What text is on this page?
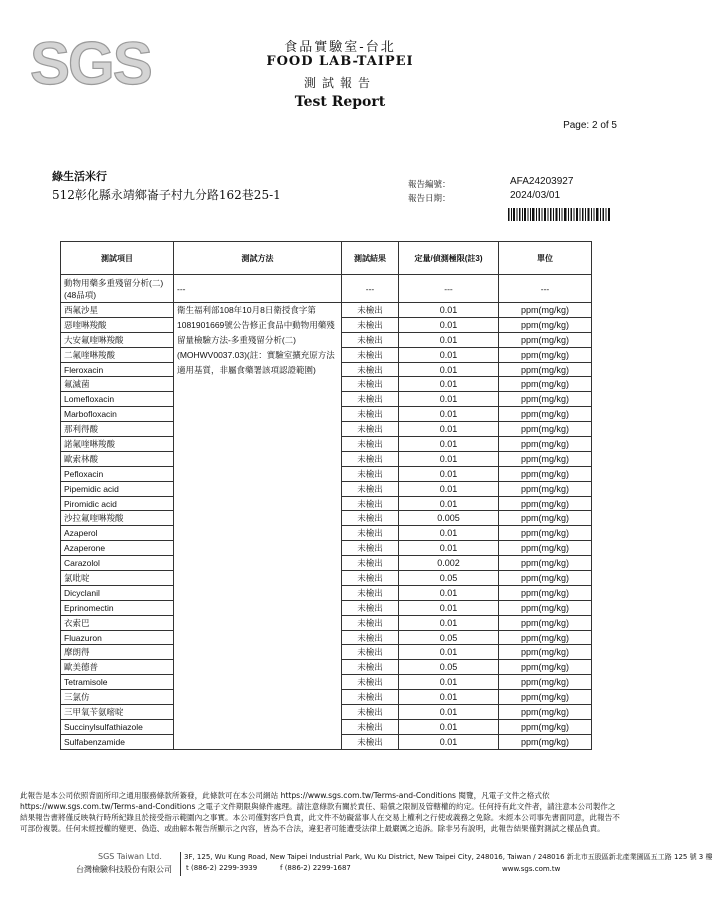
SGS	食品實驗室-台北
FOOD LAB-TAIPEI
測試報告
Test Report
Page: 2 of 5
綠生活米行
512彰化縣永靖鄉崙子村九分路162巷25-1
報告編號：
報告日期：
AFA24203927
2024/03/01
測試項目	測試方法	測試結果	定量/偵測極限(註3)	單位
動物用藥多重殘留分析(二)(48品項)	---	---	---	---
西氟沙星	衛生福利部108年10月8日衛授食字第1081901669號公告修正食品中動物用藥殘留量檢驗方法-多重殘留分析(二)(MOHWV0037.03)(註：實驗室擴充原方法適用基質，非屬食藥署該項認證範圍)	未檢出	0.01	ppm(mg/kg)
惡喹啉羧酸		未檢出	0.01	ppm(mg/kg)
大安氟喹啉羧酸		未檢出	0.01	ppm(mg/kg)
二氟喹啉羧酸		未檢出	0.01	ppm(mg/kg)
Fleroxacin		未檢出	0.01	ppm(mg/kg)
氟滅菌		未檢出	0.01	ppm(mg/kg)
Lomefloxacin		未檢出	0.01	ppm(mg/kg)
Marbofloxacin		未檢出	0.01	ppm(mg/kg)
那利得酸		未檢出	0.01	ppm(mg/kg)
諾氟喹啉羧酸		未檢出	0.01	ppm(mg/kg)
歐索林酸		未檢出	0.01	ppm(mg/kg)
Pefloxacin		未檢出	0.01	ppm(mg/kg)
Pipemidic acid		未檢出	0.01	ppm(mg/kg)
Piromidic acid		未檢出	0.01	ppm(mg/kg)
沙拉氟喹啉羧酸		未檢出	0.005	ppm(mg/kg)
Azaperol		未檢出	0.01	ppm(mg/kg)
Azaperone		未檢出	0.01	ppm(mg/kg)
Carazolol		未檢出	0.002	ppm(mg/kg)
氯吡啶		未檢出	0.05	ppm(mg/kg)
Dicyclanil		未檢出	0.01	ppm(mg/kg)
Eprinomectin		未檢出	0.01	ppm(mg/kg)
衣索巴		未檢出	0.01	ppm(mg/kg)
Fluazuron		未檢出	0.05	ppm(mg/kg)
摩朗得		未檢出	0.01	ppm(mg/kg)
歐美德普		未檢出	0.05	ppm(mg/kg)
Tetramisole		未檢出	0.01	ppm(mg/kg)
三氯仿		未檢出	0.01	ppm(mg/kg)
三甲氧苄氨嘧啶		未檢出	0.01	ppm(mg/kg)
Succinylsulfathiazole		未檢出	0.01	ppm(mg/kg)
Sulfabenzamide		未檢出	0.01	ppm(mg/kg)
此報告是本公司依照背面所印之通用服務條款所簽發，此條款可在本公司網站 https://www.sgs.com.tw/Terms-and-Conditions 閱覽，凡電子文件之格式依 https://www.sgs.com.tw/Terms-and-Conditions 之電子文件期限與條件處理。請注意條款有關於責任、賠償之限制及管轄權的約定。任何持有此文件者，請注意本公司製作之結果報告書將僅反映執行時所紀錄且於接受指示範圍內之事實。本公司僅對客戶負責，此文件不妨礙當事人在交易上權利之行使或義務之免除。未經本公司事先書面同意，此報告不可部份複製。任何未經授權的變更、偽造、或曲解本報告所顯示之內容，皆為不合法，違犯者可能遭受法律上最嚴厲之追訴。除非另有說明，此報告結果僅對測試之樣品負責。
SGS Taiwan Ltd.
台灣檢驗科技股份有限公司
3F, 125, Wu Kung Road, New Taipei Industrial Park, Wu Ku District, New Taipei City, 248016, Taiwan / 248016 新北市五股區新北產業園區五工路 125 號 3 樓
t (886-2) 2299-3939	f (886-2) 2299-1687	www.sgs.com.tw
